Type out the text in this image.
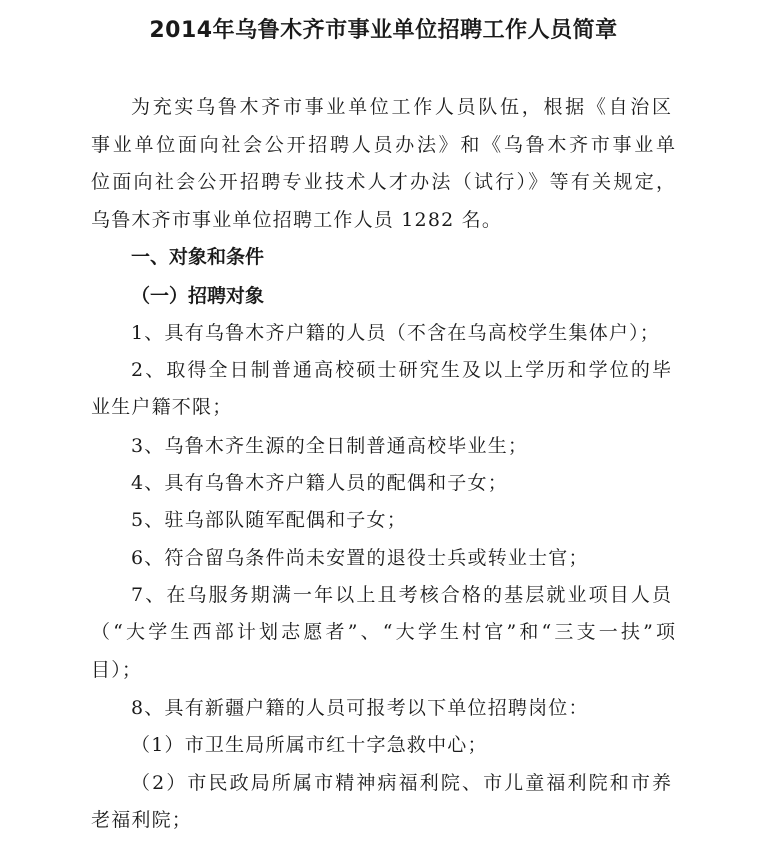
2014年乌鲁木齐市事业单位招聘工作人员简章
为充实乌鲁木齐市事业单位工作人员队伍，根据《自治区
事业单位面向社会公开招聘人员办法》和《乌鲁木齐市事业单
位面向社会公开招聘专业技术人才办法（试行）》等有关规定，
乌鲁木齐市事业单位招聘工作人员 1282 名。
一、对象和条件
（一）招聘对象
1、具有乌鲁木齐户籍的人员（不含在乌高校学生集体户）；
2、取得全日制普通高校硕士研究生及以上学历和学位的毕
业生户籍不限；
3、乌鲁木齐生源的全日制普通高校毕业生；
4、具有乌鲁木齐户籍人员的配偶和子女；
5、驻乌部队随军配偶和子女；
6、符合留乌条件尚未安置的退役士兵或转业士官；
7、在乌服务期满一年以上且考核合格的基层就业项目人员
（“大学生西部计划志愿者”、“大学生村官”和“三支一扶”项
目）；
8、具有新疆户籍的人员可报考以下单位招聘岗位：
（1）市卫生局所属市红十字急救中心；
（2）市民政局所属市精神病福利院、市儿童福利院和市养
老福利院；
